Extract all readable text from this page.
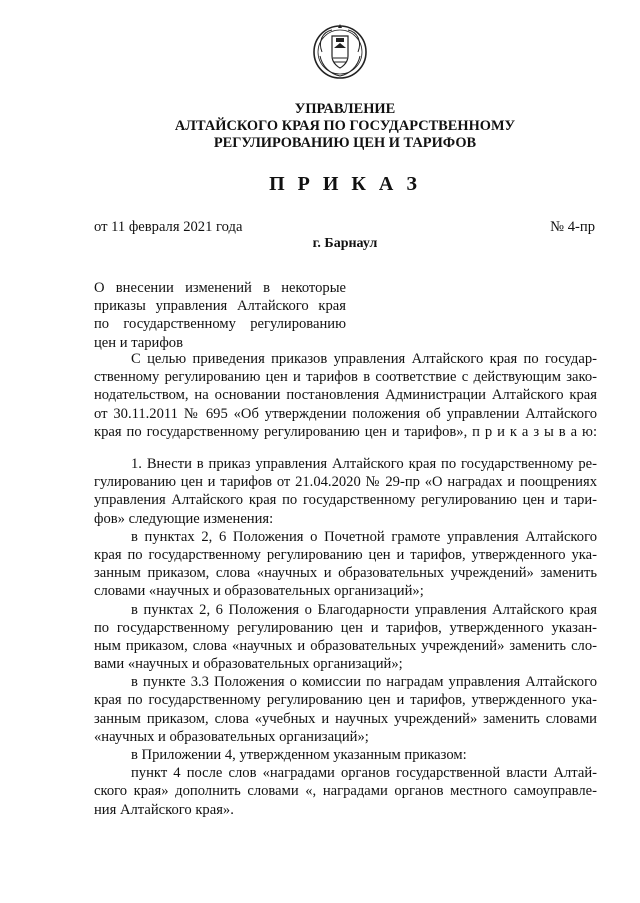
УПРАВЛЕНИЕ
АЛТАЙСКОГО КРАЯ ПО ГОСУДАРСТВЕННОМУ
РЕГУЛИРОВАНИЮ ЦЕН И ТАРИФОВ
П Р И К А З
от 11 февраля 2021 года	№ 4-пр
г. Барнаул
О внесении изменений в некоторые
приказы управления Алтайского края
по государственному регулированию
цен и тарифов
С целью приведения приказов управления Алтайского края по государ-
ственному регулированию цен и тарифов в соответствие с действующим зако-
нодательством, на основании постановления Администрации Алтайского края
от 30.11.2011 № 695 «Об утверждении положения об управлении Алтайского
края по государственному регулированию цен и тарифов», п р и к а з ы в а ю:
1. Внести в приказ управления Алтайского края по государственному ре-
гулированию цен и тарифов от 21.04.2020 № 29-пр «О наградах и поощрениях
управления Алтайского края по государственному регулированию цен и тари-
фов» следующие изменения:
в пунктах 2, 6 Положения о Почетной грамоте управления Алтайского
края по государственному регулированию цен и тарифов, утвержденного ука-
занным приказом, слова «научных и образовательных учреждений» заменить
словами «научных и образовательных организаций»;
в пунктах 2, 6 Положения о Благодарности управления Алтайского края
по государственному регулированию цен и тарифов, утвержденного указан-
ным приказом, слова «научных и образовательных учреждений» заменить сло-
вами «научных и образовательных организаций»;
в пункте 3.3 Положения о комиссии по наградам управления Алтайского
края по государственному регулированию цен и тарифов, утвержденного ука-
занным приказом, слова «учебных и научных учреждений» заменить словами
«научных и образовательных организаций»;
в Приложении 4, утвержденном указанным приказом:
пункт 4 после слов «наградами органов государственной власти Алтай-
ского края» дополнить словами «, наградами органов местного самоуправле-
ния Алтайского края».
